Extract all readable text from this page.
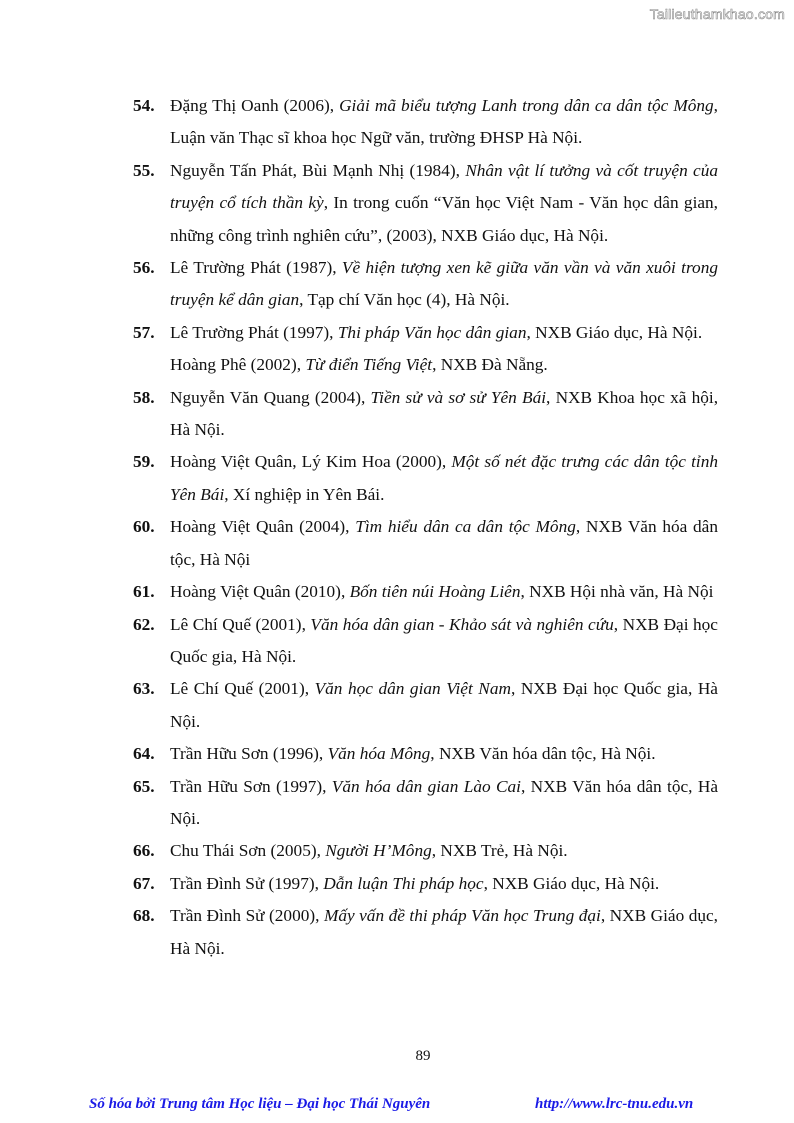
Tailieuthamkhao.com
54. Đặng Thị Oanh (2006), Giải mã biểu tượng Lanh trong dân ca dân tộc Mông, Luận văn Thạc sĩ khoa học Ngữ văn, trường ĐHSP Hà Nội.
55. Nguyễn Tấn Phát, Bùi Mạnh Nhị (1984), Nhân vật lí tưởng và cốt truyện của truyện cổ tích thần kỳ, In trong cuốn “Văn học Việt Nam - Văn học dân gian, những công trình nghiên cứu”, (2003), NXB Giáo dục, Hà Nội.
56. Lê Trường Phát (1987), Về hiện tượng xen kẽ giữa văn vần và văn xuôi trong truyện kể dân gian, Tạp chí Văn học (4), Hà Nội.
57. Lê Trường Phát (1997), Thi pháp Văn học dân gian, NXB Giáo dục, Hà Nội.
Hoàng Phê (2002), Từ điển Tiếng Việt, NXB Đà Nẵng.
58. Nguyễn Văn Quang (2004), Tiền sử và sơ sử Yên Bái, NXB Khoa học xã hội, Hà Nội.
59. Hoàng Việt Quân, Lý Kim Hoa (2000), Một số nét đặc trưng các dân tộc tỉnh Yên Bái, Xí nghiệp in Yên Bái.
60. Hoàng Việt Quân (2004), Tìm hiểu dân ca dân tộc Mông, NXB Văn hóa dân tộc, Hà Nội
61. Hoàng Việt Quân (2010), Bốn tiên núi Hoàng Liên, NXB Hội nhà văn, Hà Nội
62. Lê Chí Quế (2001), Văn hóa dân gian - Khảo sát và nghiên cứu, NXB Đại học Quốc gia, Hà Nội.
63. Lê Chí Quế (2001), Văn học dân gian Việt Nam, NXB Đại học Quốc gia, Hà Nội.
64. Trần Hữu Sơn (1996), Văn hóa Mông, NXB Văn hóa dân tộc, Hà Nội.
65. Trần Hữu Sơn (1997), Văn hóa dân gian Lào Cai, NXB Văn hóa dân tộc, Hà Nội.
66. Chu Thái Sơn (2005), Người H’Mông, NXB Trẻ, Hà Nội.
67. Trần Đình Sử (1997), Dẫn luận Thi pháp học, NXB Giáo dục, Hà Nội.
68. Trần Đình Sử (2000), Mấy vấn đề thi pháp Văn học Trung đại, NXB Giáo dục, Hà Nội.
89
Số hóa bởi Trung tâm Học liệu – Đại học Thái Nguyên	http://www.lrc-tnu.edu.vn
